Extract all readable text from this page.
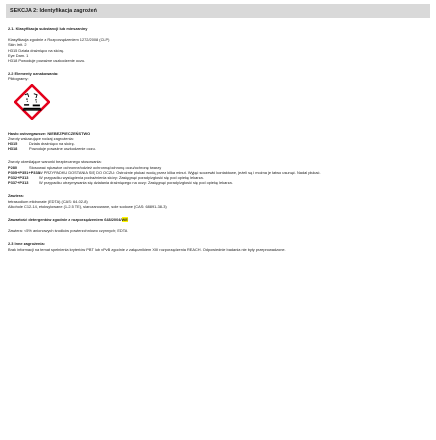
SEKCJA 2: Identyfikacja zagrożeń
2.1. Klasyfikacja substancji lub mieszaniny
Klasyfikacja zgodnie z Rozporządzeniem 1272/2008 (CLP)
Skin Irrit. 2
H315 Działa drażniąco na skórę.
Eye Dam. 1
H318 Powoduje poważne uszkodzenie oczu.
2.2 Elementy oznakowania:
Piktogramy:
Hasło ostrzegawcze: NIEBEZPIECZEŃSTWO
Zwroty wskazujące rodzaj zagrożenia:
H315	Działa drażniąco na skórę.
H318	Powoduje poważne uszkodzenie oczu.
Zwroty określające warunki bezpiecznego stosowania:
P280	Stosować rękawice ochronne/odzież ochronną/ochronę oczu/ochronę twarzy
P305+P351+P338 W PRZYPADKU DOSTANIA SIĘ DO OCZU: Ostrożnie płukać wodą przez kilka minut. Wyjąć soczewki kontaktowe, jeżeli są i można je łatwo usunąć. Nadal płukać.
P332+P313	W przypadku wystąpienia podrażnienia skóry: Zasięgnąć porady/zgłosić się pod opiekę lekarza.
P337+P313	W przypadku utrzymywania się działania drażniącego na oczy: Zasięgnąć porady/zgłosić się pod opiekę lekarza.
Zawiera:
tetrasodium etidronate (EDTA) (CAS: 64-02-8)
Alkohole C12-14, etoksylowane (1-2.5 TE), siarczanowane, sole sodowe (CAS: 68891-38-3)
Zawartość detergentów zgodnie z rozporządzeniem 648/2004/WE
Zawiera: <5% anionowych środków powierzchniowo czynnych; EDTA
2.3 Inne zagrożenia:
Brak informacji na temat spełnienia kryteriów PBT lub vPvB zgodnie z załącznikiem XIII rozporządzenia REACH. Odpowiednie badania nie były przeprowadzone.
